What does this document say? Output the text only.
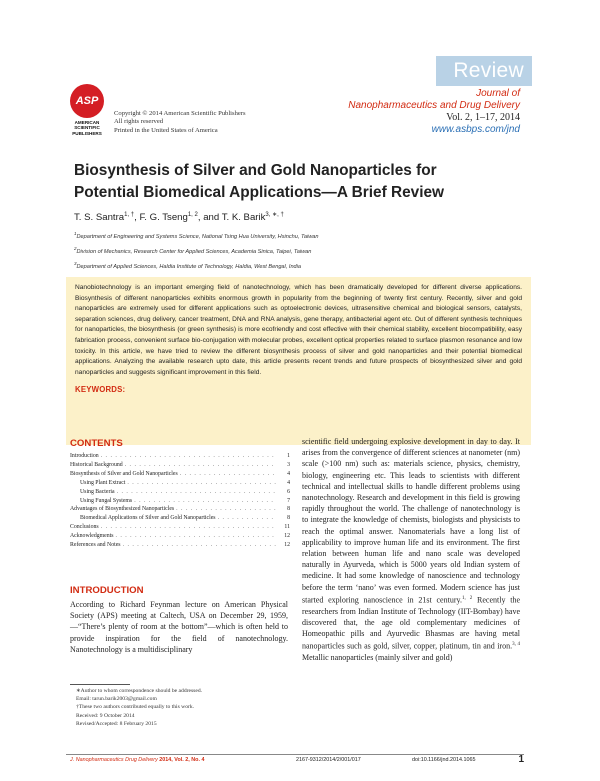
Review
ASP
AMERICAN
SCIENTIFIC
PUBLISHERS
Copyright © 2014 American Scientific Publishers
All rights reserved
Printed in the United States of America
Journal of
Nanopharmaceutics and Drug Delivery
Vol. 2, 1–17, 2014
www.asbps.com/jnd
Biosynthesis of Silver and Gold Nanoparticles for
Potential Biomedical Applications—A Brief Review
T. S. Santra$^{1, \dagger}$, F. G. Tseng$^{1, 2}$, and T. K. Barik$^{3, ∗, \dagger}$
$^1$Department of Engineering and Systems Science, National Tsing Hua University, Hsinchu, Taiwan
$^2$Division of Mechanics, Research Center for Applied Sciences, Academia Sinica, Taipei, Taiwan
$^3$Department of Applied Sciences, Haldia Institute of Technology, Haldia, West Bengal, India
Nanobiotechnology is an important emerging field of nanotechnology, which has been dramatically developed for different diverse applications. Biosynthesis of different nanoparticles exhibits enormous growth in popularity from the beginning of twenty first century. Recently, silver and gold nanoparticles are extremely used for different applications such as optoelectronic devices, ultrasensitive chemical and biological sensors, catalysts, separation sciences, drug delivery, cancer treatment, DNA and RNA analysis, gene therapy, antibacterial agent etc. Out of different synthesis techniques for nanoparticles, the biosynthesis (or green synthesis) is more ecofriendly and cost effective with their chemical stability, excellent biocompatibility, easy fabrication process, convenient surface bio-conjugation with molecular probes, excellent optical properties related to surface plasmon resonance and low toxicity. In this article, we have tried to review the different biosynthesis process of silver and gold nanoparticles and their potential biomedical applications. Analyzing the available research upto date, this article presents recent trends and future prospects of biosynthesized silver and gold nanoparticles and suggests significant improvement in this field.
KEYWORDS:
CONTENTS
Introduction . . .	1
Historical Background . . .	3
Biosynthesis of Silver and Gold Nanoparticles . . .	4
Using Plant Extract . . .	4
Using Bacteria . . .	6
Using Fungal Systems . . .	7
Advantages of Biosynthesized Nanoparticles . . .	8
Biomedical Applications of Silver and Gold Nanoparticles . . .	8
Conclusions . . .	11
Acknowledgments . . .	12
References and Notes . . .	12
INTRODUCTION
According to Richard Feynman lecture on American Physical Society (APS) meeting at Caltech, USA on December 29, 1959,—“There’s plenty of room at the bottom”—which is often held to provide inspiration for the field of nanotechnology. Nanotechnology is a multidisciplinary
∗Author to whom correspondence should be addressed.
Email: tarun.barik2003@gmail.com
†These two authors contributed equally to this work.
Received: 9 October 2014
Revised/Accepted: 8 February 2015
scientific field undergoing explosive development in day to day. It arises from the convergence of different sciences at nanometer (nm) scale (>100 nm) such as: materials science, physics, chemistry, biology, engineering etc. This leads to scientists with different technical and intellectual skills to handle different problems using nanotechnology. Research and development in this field is growing rapidly throughout the world. The challenge of nanotechnology is to integrate the knowledge of chemists, biologists and physicists to reach the optimal answer. Nanomaterials have a long list of applicability to improve human life and its environment. The first relation between human life and nano scale was developed naturally in Ayurveda, which is 5000 years old Indian system of medicine. It had some knowledge of nanoscience and technology before the term ‘nano’ was even formed. Modern science has just started exploring nanoscience in 21st century.$^{1, 2}$ Recently the researchers from Indian Institute of Technology (IIT-Bombay) have discovered that, the age old complementary medicines of Homeopathic pills and Ayurvedic Bhasmas are having metal nanoparticles such as gold, silver, copper, platinum, tin and iron.$^{3, 4}$ Metallic nanoparticles (mainly silver and gold)
J. Nanopharmaceutics Drug Delivery 2014, Vol. 2, No. 4	2167-9312/2014/2/001/017	doi:10.1166/jnd.2014.1065	1
